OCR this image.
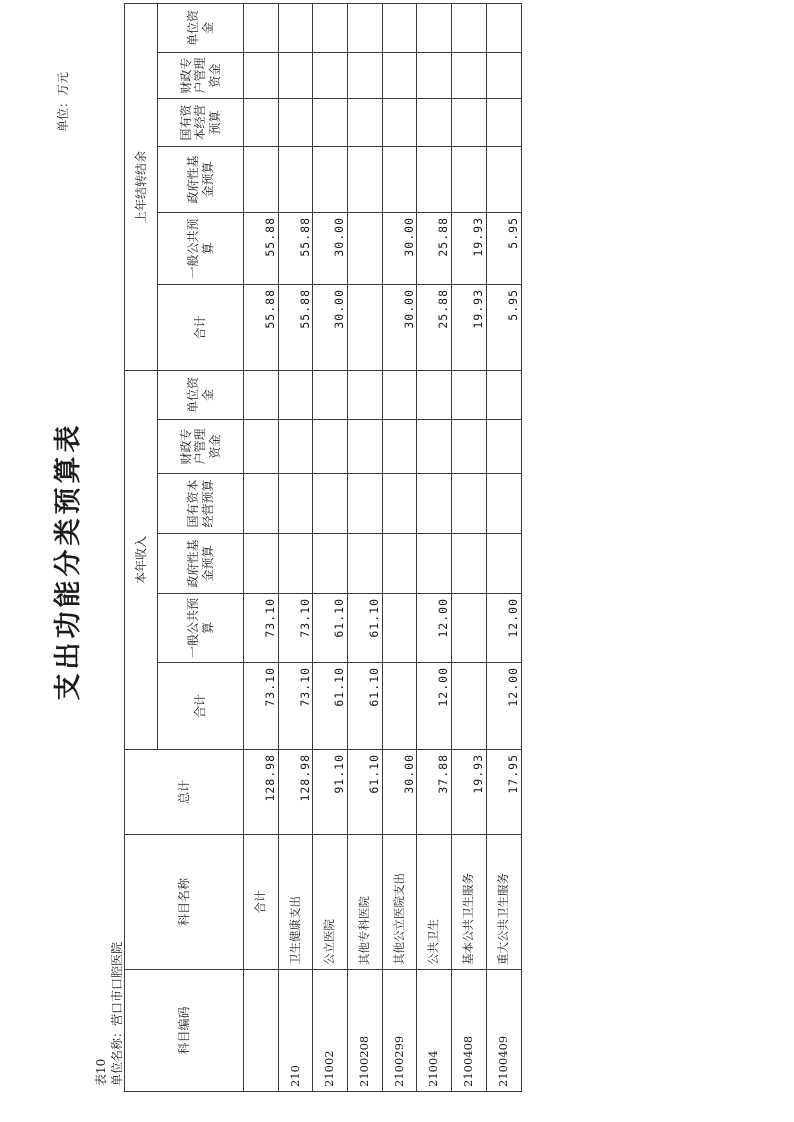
支出功能分类预算表
表10 单位名称：营口市口腔医院
单位：万元
科目编码	科目名称	总计	本年收入						上年结转结余					
			合计	一般公共预算	政府性基金预算	国有资本经营预算	财政专户管理资金	单位资金	合计	一般公共预算	政府性基金预算	国有资本经营预算	财政专户管理资金	单位资金
	合计	128.98	73.10	73.10					55.88	55.88				
210	卫生健康支出	128.98	73.10	73.10					55.88	55.88				
21002	公立医院	91.10	61.10	61.10					30.00	30.00				
2100208	其他专科医院	61.10	61.10	61.10										
2100299	其他公立医院支出	30.00							30.00	30.00				
21004	公共卫生	37.88	12.00	12.00					25.88	25.88				
2100408	基本公共卫生服务	19.93							19.93	19.93				
2100409	重大公共卫生服务	17.95	12.00	12.00					5.95	5.95				
